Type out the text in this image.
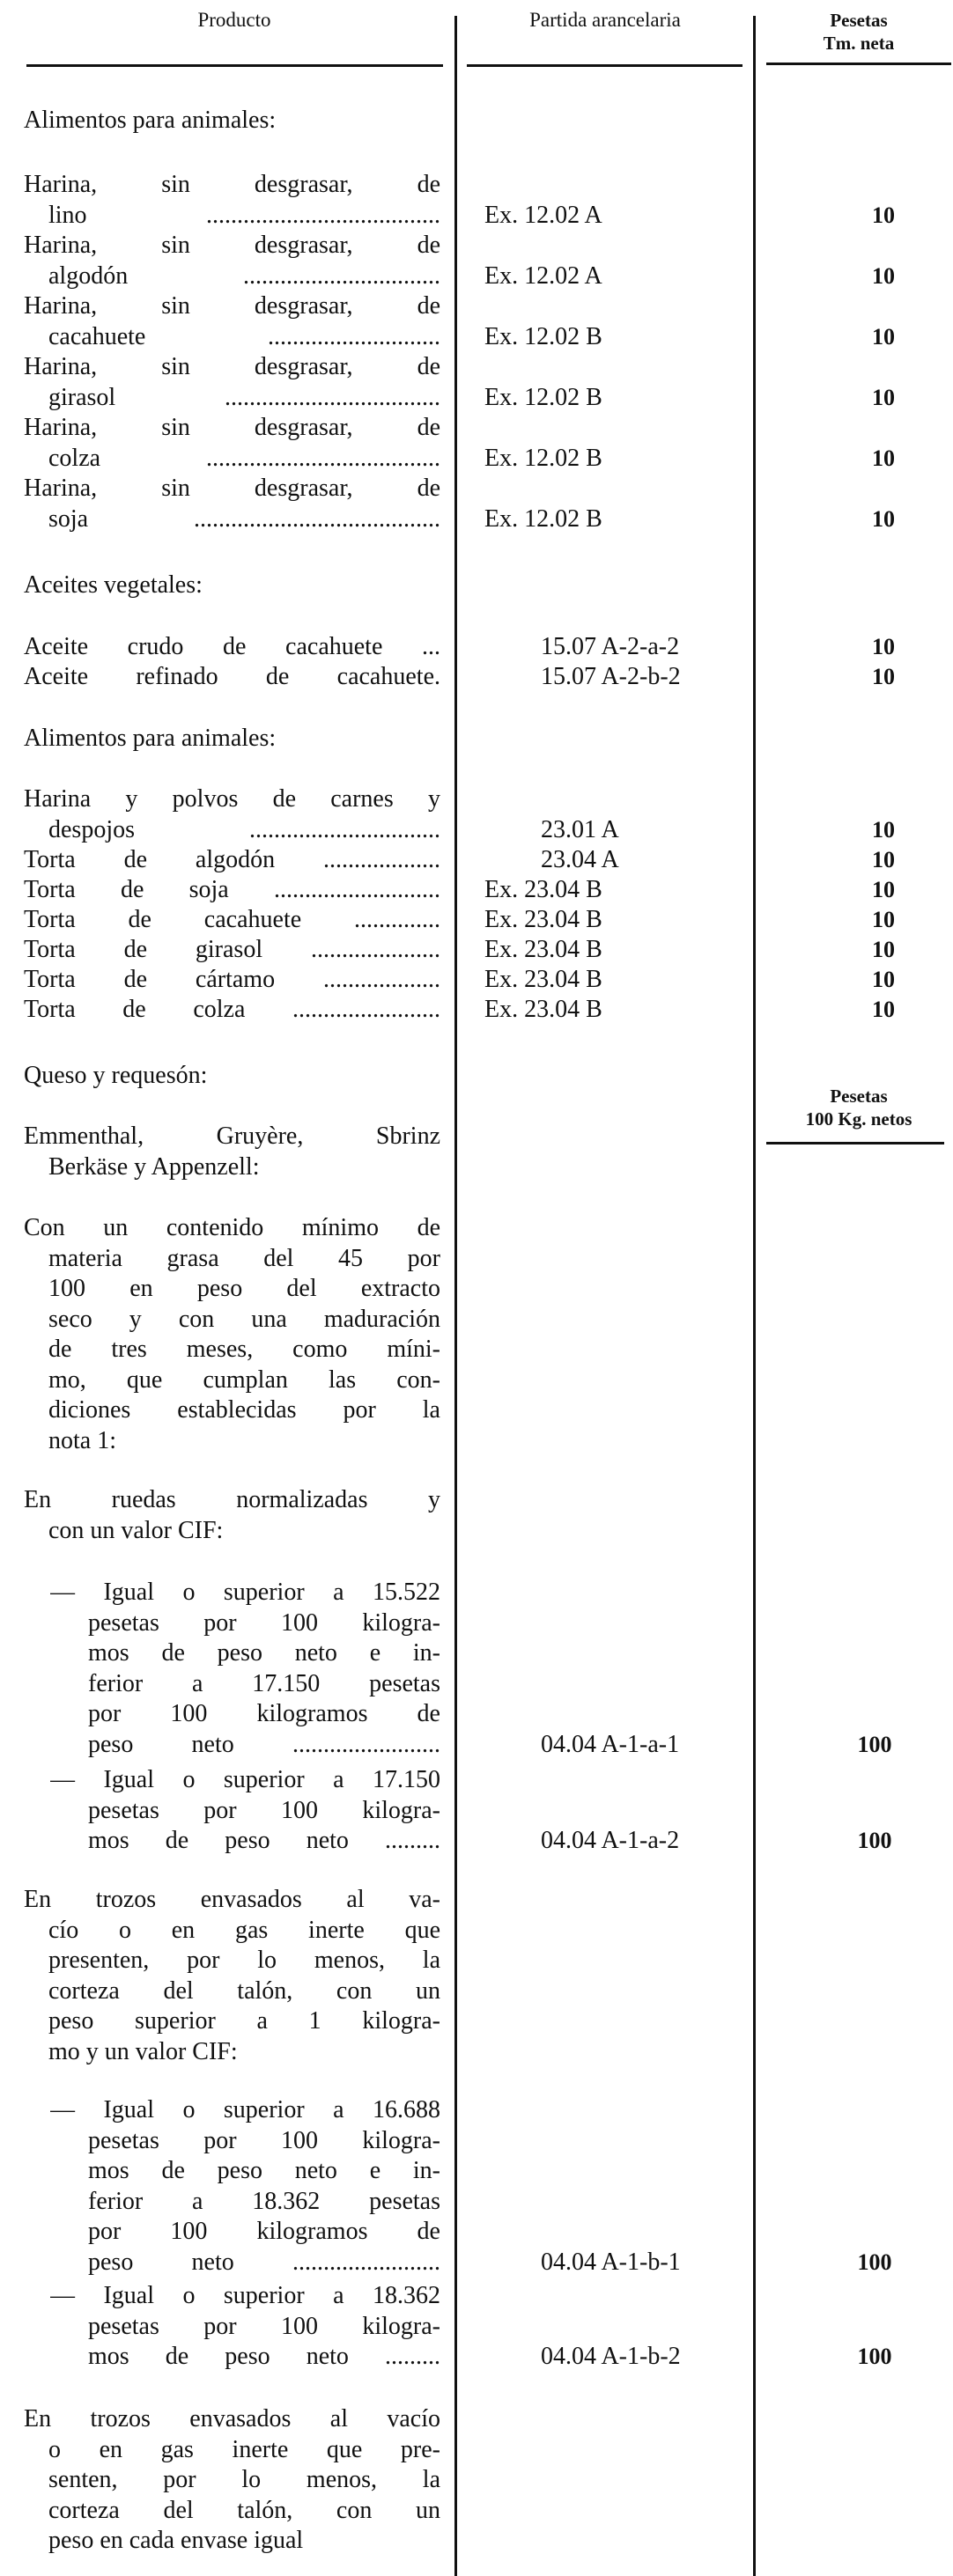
Producto	Partida arancelaria	Pesetas
Tm. neta
Pesetas
100 Kg. netos
Alimentos para animales:
Harina, sin desgrasar, de
lino ...................................... Ex. 12.02 A	10
Harina, sin desgrasar, de
algodón ................................ Ex. 12.02 A	10
Harina, sin desgrasar, de
cacahuete ............................ Ex. 12.02 B	10
Harina, sin desgrasar, de
girasol ................................... Ex. 12.02 B	10
Harina, sin desgrasar, de
colza ...................................... Ex. 12.02 B	10
Harina, sin desgrasar, de
soja ........................................ Ex. 12.02 B	10
Aceites vegetales:
Aceite crudo de cacahuete ...	15.07 A-2-a-2	10
Aceite refinado de cacahuete.	15.07 A-2-b-2	10
Alimentos para animales:
Harina y polvos de carnes y
despojos ...............................	23.01 A	10
Torta de algodón ...................	23.04 A	10
Torta de soja ........................... Ex. 23.04 B	10
Torta de cacahuete .............. Ex. 23.04 B	10
Torta de girasol ..................... Ex. 23.04 B	10
Torta de cártamo ................... Ex. 23.04 B	10
Torta de colza ........................ Ex. 23.04 B	10
Queso y requesón:
Emmenthal, Gruyère, Sbrinz
Berkäse y Appenzell:
Con un contenido mínimo de
materia grasa del 45 por
100 en peso del extracto
seco y con una maduración
de tres meses, como míni-
mo, que cumplan las con-
diciones establecidas por la
nota 1:
En ruedas normalizadas y
con un valor CIF:
— Igual o superior a 15.522
pesetas por 100 kilogra-
mos de peso neto e in-
ferior a 17.150 pesetas
por 100 kilogramos de
peso neto ........................	04.04 A-1-a-1	100
— Igual o superior a 17.150
pesetas por 100 kilogra-
mos de peso neto .........	04.04 A-1-a-2	100
En trozos envasados al va-
cío o en gas inerte que
presenten, por lo menos, la
corteza del talón, con un
peso superior a 1 kilogra-
mo y un valor CIF:
— Igual o superior a 16.688
pesetas por 100 kilogra-
mos de peso neto e in-
ferior a 18.362 pesetas
por 100 kilogramos de
peso neto ........................	04.04 A-1-b-1	100
— Igual o superior a 18.362
pesetas por 100 kilogra-
mos de peso neto .........	04.04 A-1-b-2	100
En trozos envasados al vacío
o en gas inerte que pre-
senten, por lo menos, la
corteza del talón, con un
peso en cada envase igual
